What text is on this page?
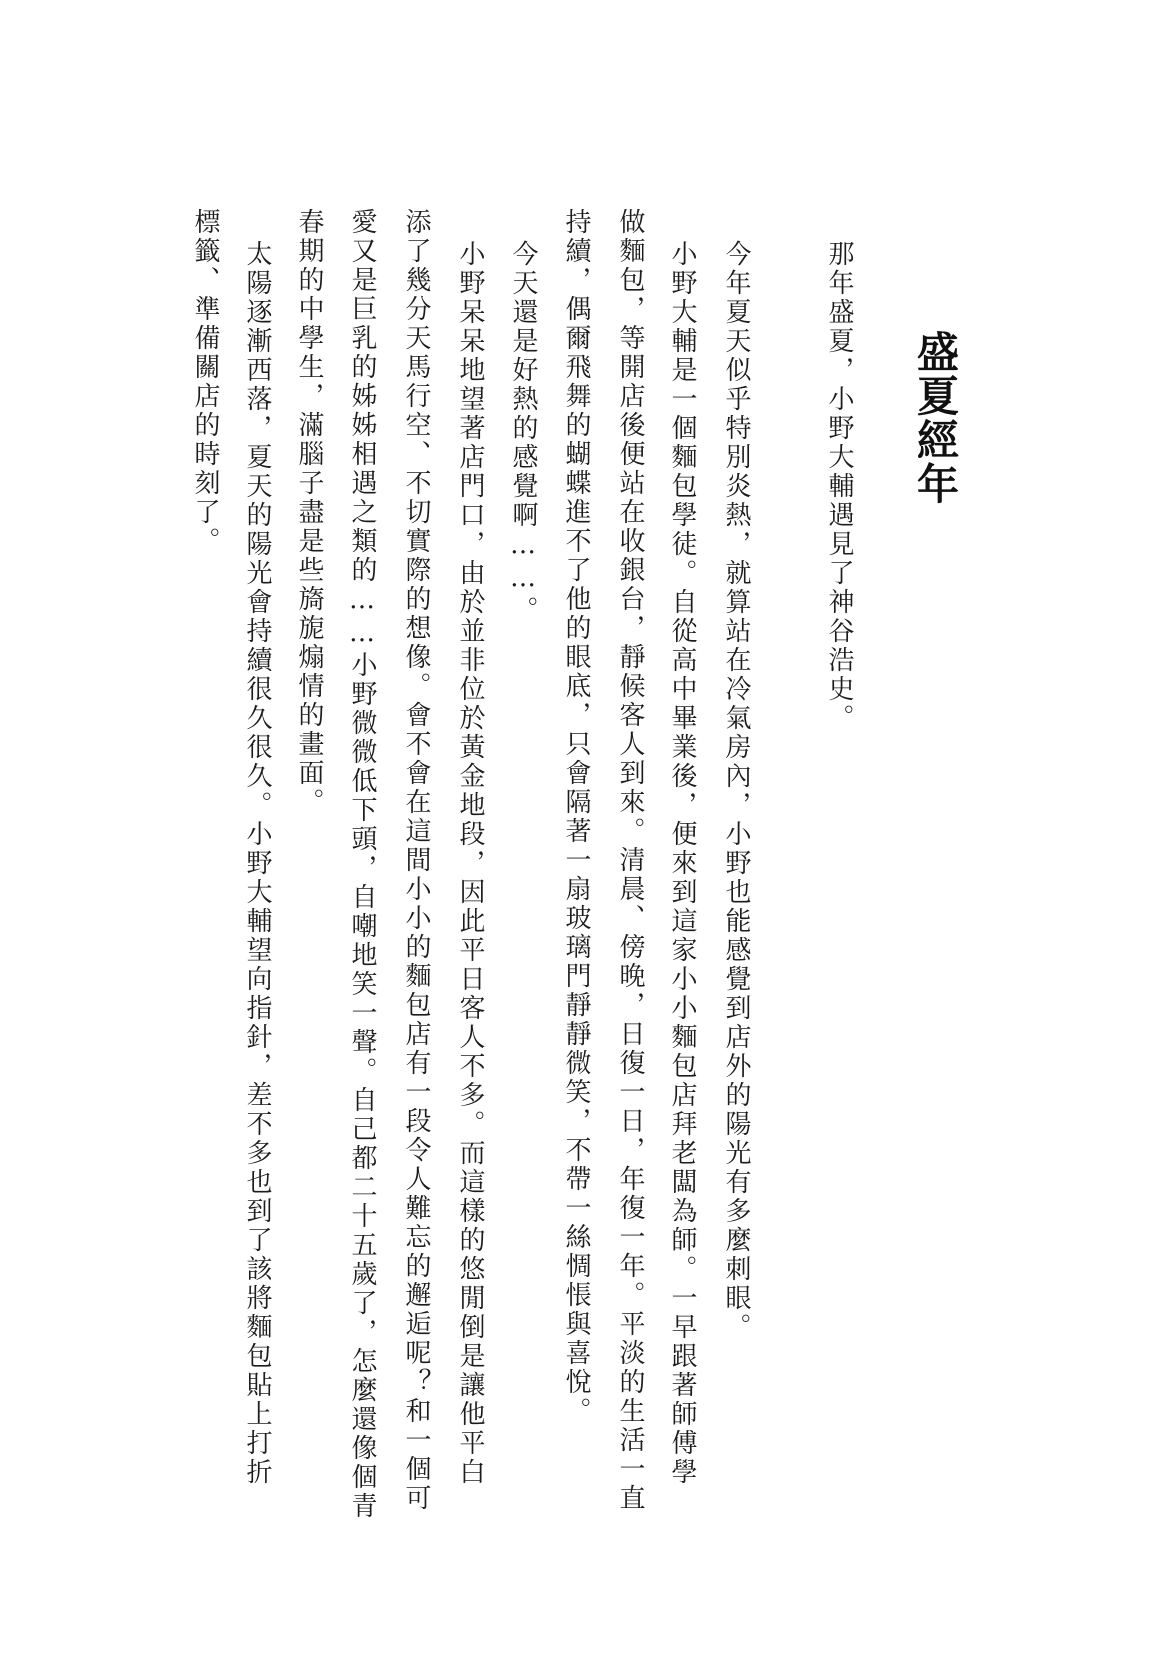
盛夏經年

那年盛夏，小野大輔遇見了神谷浩史。

今年夏天似乎特別炎熱，就算站在冷氣房內，小野也能感覺到店外的陽光有多麼刺眼。

小野大輔是一個麵包學徒。自從高中畢業後，便來到這家小小麵包店拜老闆為師。一早跟著師傅學

做麵包，等開店後便站在收銀台，靜候客人到來。清晨、傍晚，日復一日，年復一年。平淡的生活一直

持續，偶爾飛舞的蝴蝶進不了他的眼底，只會隔著一扇玻璃門靜靜微笑，不帶一絲惆悵與喜悅。

今天還是好熱的感覺啊……。

小野呆呆地望著店門口，由於並非位於黃金地段，因此平日客人不多。而這樣的悠閒倒是讓他平白

添了幾分天馬行空、不切實際的想像。會不會在這間小小的麵包店有一段令人難忘的邂逅呢？和一個可

愛又是巨乳的姊姊相遇之類的……小野微微低下頭，自嘲地笑一聲。自己都二十五歲了，怎麼還像個青

春期的中學生，滿腦子盡是些旖旎煽情的畫面。

太陽逐漸西落，夏天的陽光會持續很久很久。小野大輔望向指針，差不多也到了該將麵包貼上打折

標籤、準備關店的時刻了。
